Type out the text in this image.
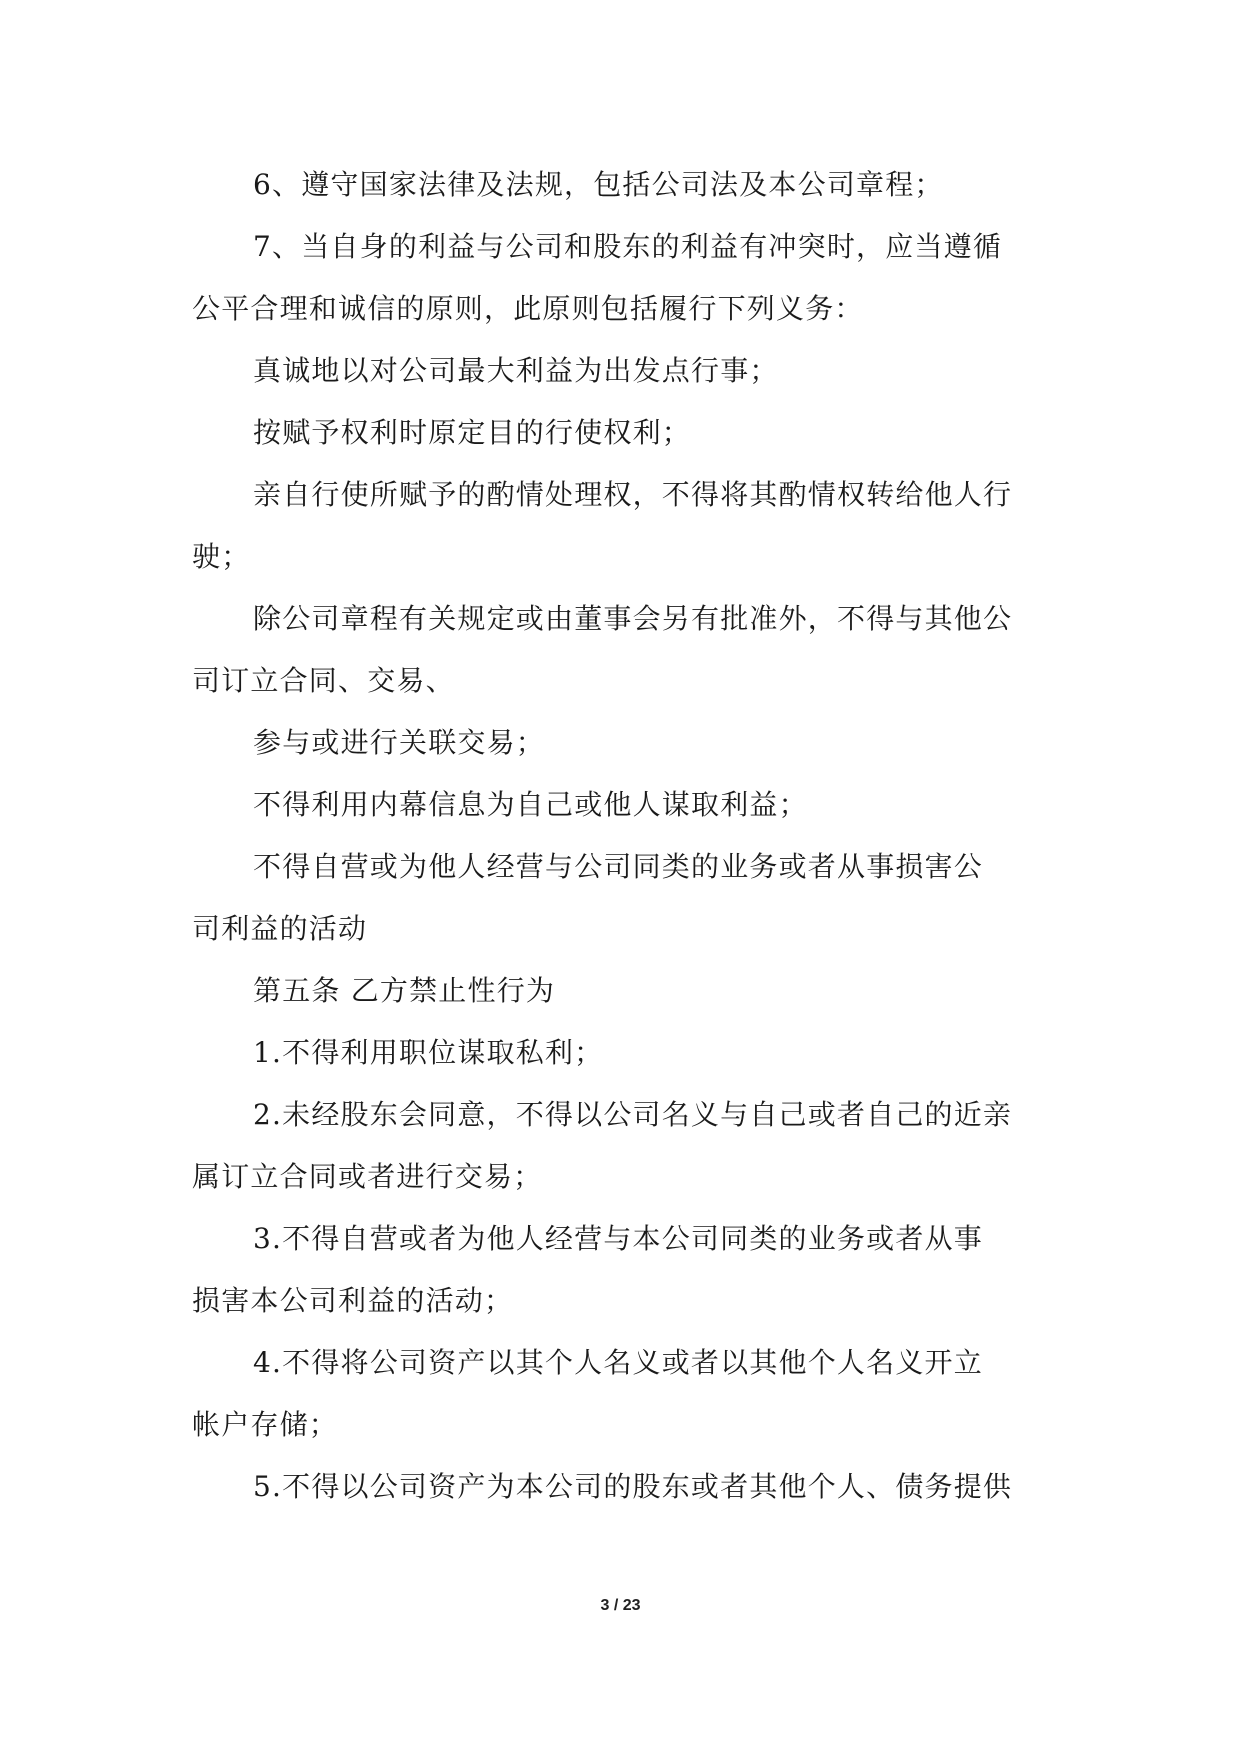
6、遵守国家法律及法规，包括公司法及本公司章程；

7、当自身的利益与公司和股东的利益有冲突时，应当遵循

公平合理和诚信的原则，此原则包括履行下列义务：

真诚地以对公司最大利益为出发点行事；

按赋予权利时原定目的行使权利；

亲自行使所赋予的酌情处理权，不得将其酌情权转给他人行

驶；

除公司章程有关规定或由董事会另有批准外，不得与其他公

司订立合同、交易、

参与或进行关联交易；

不得利用内幕信息为自己或他人谋取利益；

不得自营或为他人经营与公司同类的业务或者从事损害公

司利益的活动

第五条 乙方禁止性行为

1.不得利用职位谋取私利；

2.未经股东会同意，不得以公司名义与自己或者自己的近亲

属订立合同或者进行交易；

3.不得自营或者为他人经营与本公司同类的业务或者从事

损害本公司利益的活动；

4.不得将公司资产以其个人名义或者以其他个人名义开立

帐户存储；

5.不得以公司资产为本公司的股东或者其他个人、债务提供

3 / 23
